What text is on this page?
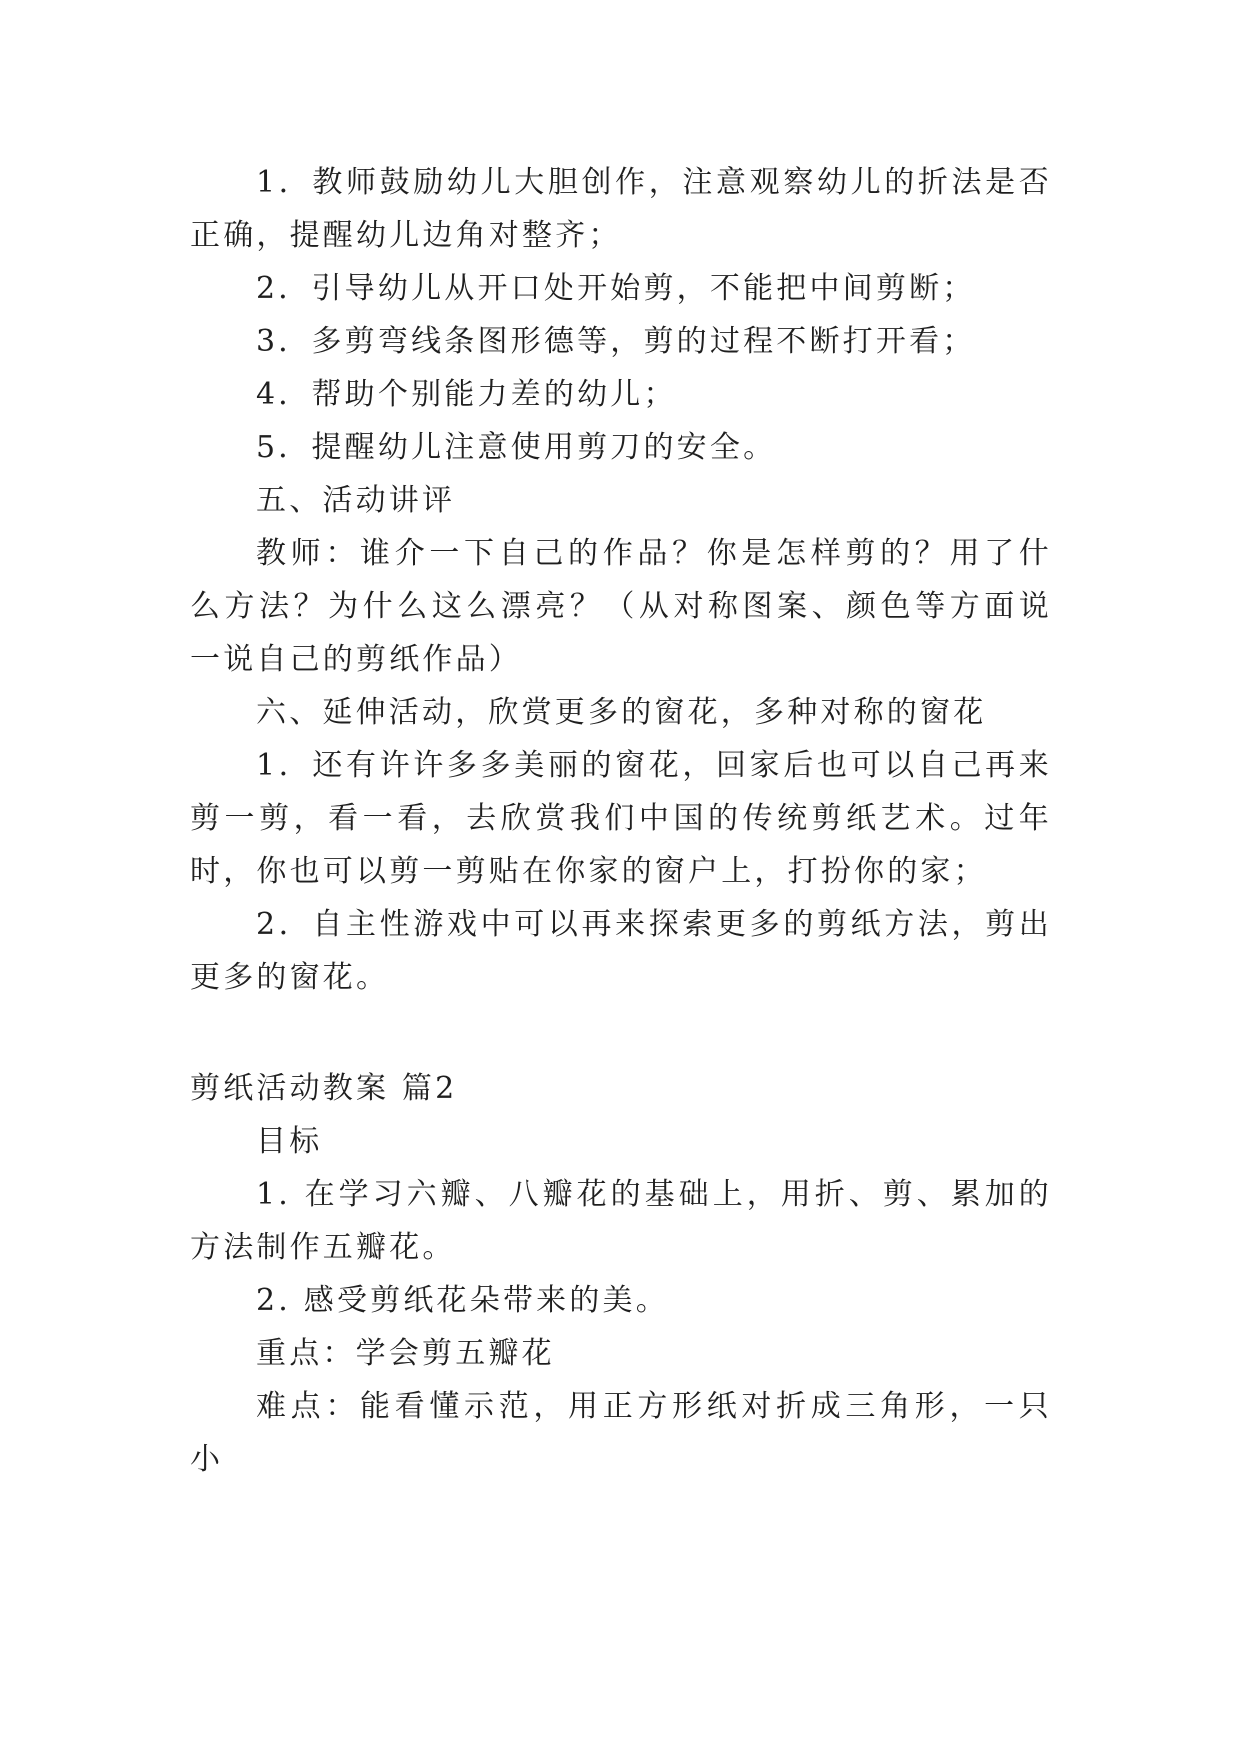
1．教师鼓励幼儿大胆创作，注意观察幼儿的折法是否正确，提醒幼儿边角对整齐；

2．引导幼儿从开口处开始剪，不能把中间剪断；

3．多剪弯线条图形德等，剪的过程不断打开看；

4．帮助个别能力差的幼儿；

5．提醒幼儿注意使用剪刀的安全。

五、活动讲评

教师：谁介一下自己的作品？你是怎样剪的？用了什么方法？为什么这么漂亮？（从对称图案、颜色等方面说一说自己的剪纸作品）

六、延伸活动，欣赏更多的窗花，多种对称的窗花

1．还有许许多多美丽的窗花，回家后也可以自己再来剪一剪，看一看，去欣赏我们中国的传统剪纸艺术。过年时，你也可以剪一剪贴在你家的窗户上，打扮你的家；

2．自主性游戏中可以再来探索更多的剪纸方法，剪出更多的窗花。

剪纸活动教案 篇2

目标

1. 在学习六瓣、八瓣花的基础上，用折、剪、累加的方法制作五瓣花。

2. 感受剪纸花朵带来的美。

重点：学会剪五瓣花

难点：能看懂示范，用正方形纸对折成三角形，一只小
